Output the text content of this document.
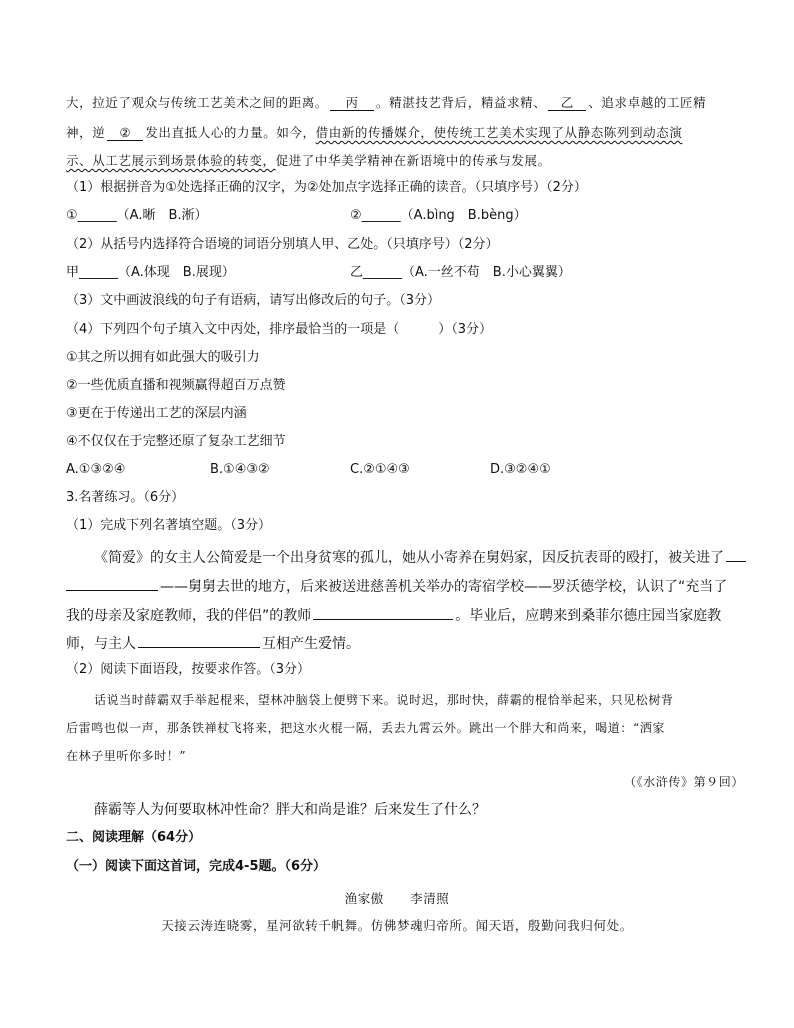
大，拉近了观众与传统工艺美术之间的距离。 丙 。精湛技艺背后，精益求精、 乙 、追求卓越的工匠精
神，逆 ② 发出直抵人心的力量。如今，借由新的传播媒介，使传统工艺美术实现了从静态陈列到动态演
示、从工艺展示到场景体验的转变，促进了中华美学精神在新语境中的传承与发展。
（1）根据拼音为①处选择正确的汉字，为②处加点字选择正确的读音。（只填序号）（2分）
①______（A.晰　B.淅）	②______（A.bìng　B.bèng）
（2）从括号内选择符合语境的词语分别填人甲、乙处。（只填序号）（2分）
甲______（A.体现　B.展现）	乙______（A.一丝不苟　B.小心翼翼）
（3）文中画波浪线的句子有语病，请写出修改后的句子。（3分）
（4）下列四个句子填入文中丙处，排序最恰当的一项是（　　　）（3分）
①其之所以拥有如此强大的吸引力
②一些优质直播和视频赢得超百万点赞
③更在于传递出工艺的深层内涵
④不仅仅在于完整还原了复杂工艺细节
A.①③②④	B.①④③②	C.②①④③	D.③②④①
3.名著练习。（6分）
（1）完成下列名著填空题。（3分）
《简爱》的女主人公简爱是一个出身贫寒的孤儿，她从小寄养在舅妈家，因反抗表哥的殴打，被关进了
——舅舅去世的地方，后来被送进慈善机关举办的寄宿学校——罗沃德学校，认识了“充当了
我的母亲及家庭教师，我的伴侣”的教师	。毕业后，应聘来到桑菲尔德庄园当家庭教
师，与主人	互相产生爱情。
（2）阅读下面语段，按要求作答。（3分）
话说当时薛霸双手举起棍来，望林冲脑袋上便劈下来。说时迟，那时快，薛霸的棍恰举起来，只见松树背
后雷鸣也似一声，那条铁禅杖飞将来，把这水火棍一隔，丢去九霄云外。跳出一个胖大和尚来，喝道：“洒家
在林子里听你多时！”
（《水浒传》第９回）
薛霸等人为何要取林冲性命？胖大和尚是谁？后来发生了什么？
二、阅读理解（64分）
（一）阅读下面这首词，完成4-5题。（6分）
渔家傲　　李清照
天接云涛连晓雾，星河欲转千帆舞。仿佛梦魂归帝所。闻天语，殷勤问我归何处。
